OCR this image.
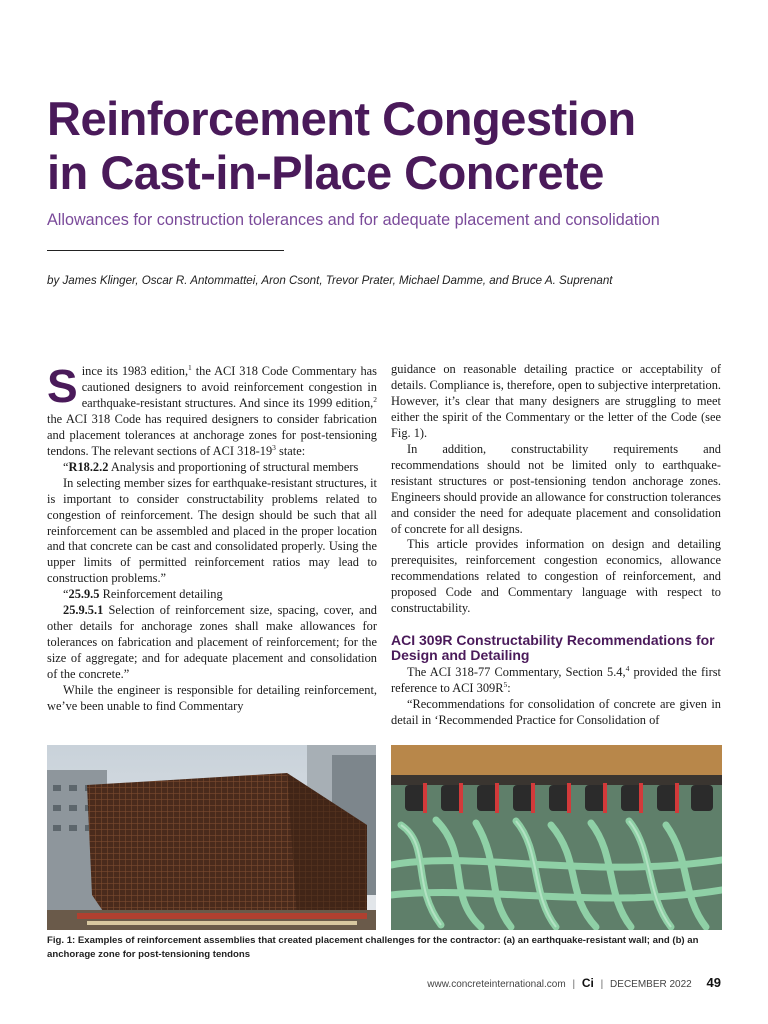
Reinforcement Congestion
in Cast-in-Place Concrete
Allowances for construction tolerances and for adequate placement and consolidation
by James Klinger, Oscar R. Antommattei, Aron Csont, Trevor Prater, Michael Damme, and Bruce A. Suprenant

Since its 1983 edition,$^1$ the ACI 318 Code Commentary has cautioned designers to avoid reinforcement congestion in earthquake-resistant structures. And since its 1999 edition,$^2$ the ACI 318 Code has required designers to consider fabrication and placement tolerances at anchorage zones for post-tensioning tendons. The relevant sections of ACI $318-19^3$ state:

“R18.2.2 Analysis and proportioning of structural members

In selecting member sizes for earthquake-resistant structures, it is important to consider constructability problems related to congestion of reinforcement. The design should be such that all reinforcement can be assembled and placed in the proper location and that concrete can be cast and consolidated properly. Using the upper limits of permitted reinforcement ratios may lead to construction problems.”

“25.9.5 Reinforcement detailing

25.9.5.1 Selection of reinforcement size, spacing, cover, and other details for anchorage zones shall make allowances for tolerances on fabrication and placement of reinforcement; for the size of aggregate; and for adequate placement and consolidation of the concrete.”

While the engineer is responsible for detailing reinforcement, we’ve been unable to find Commentary

guidance on reasonable detailing practice or acceptability of details. Compliance is, therefore, open to subjective interpretation. However, it’s clear that many designers are struggling to meet either the spirit of the Commentary or the letter of the Code (see Fig. 1).

In addition, constructability requirements and recommendations should not be limited only to earthquake-resistant structures or post-tensioning tendon anchorage zones. Engineers should provide an allowance for construction tolerances and consider the need for adequate placement and consolidation of concrete for all designs.

This article provides information on design and detailing prerequisites, reinforcement congestion economics, allowance recommendations related to congestion of reinforcement, and proposed Code and Commentary language with respect to constructability.

ACI 309R Constructability Recommendations for Design and Detailing

The ACI 318-77 Commentary, Section 5.4,$^4$ provided the first reference to ACI $309R^5$:

“Recommendations for consolidation of concrete are given in detail in ‘Recommended Practice for Consolidation of

Fig. 1: Examples of reinforcement assemblies that created placement challenges for the contractor: (a) an earthquake-resistant wall; and (b) an anchorage zone for post-tensioning tendons
www.concreteinternational.com | Ci | DECEMBER 2022 49
